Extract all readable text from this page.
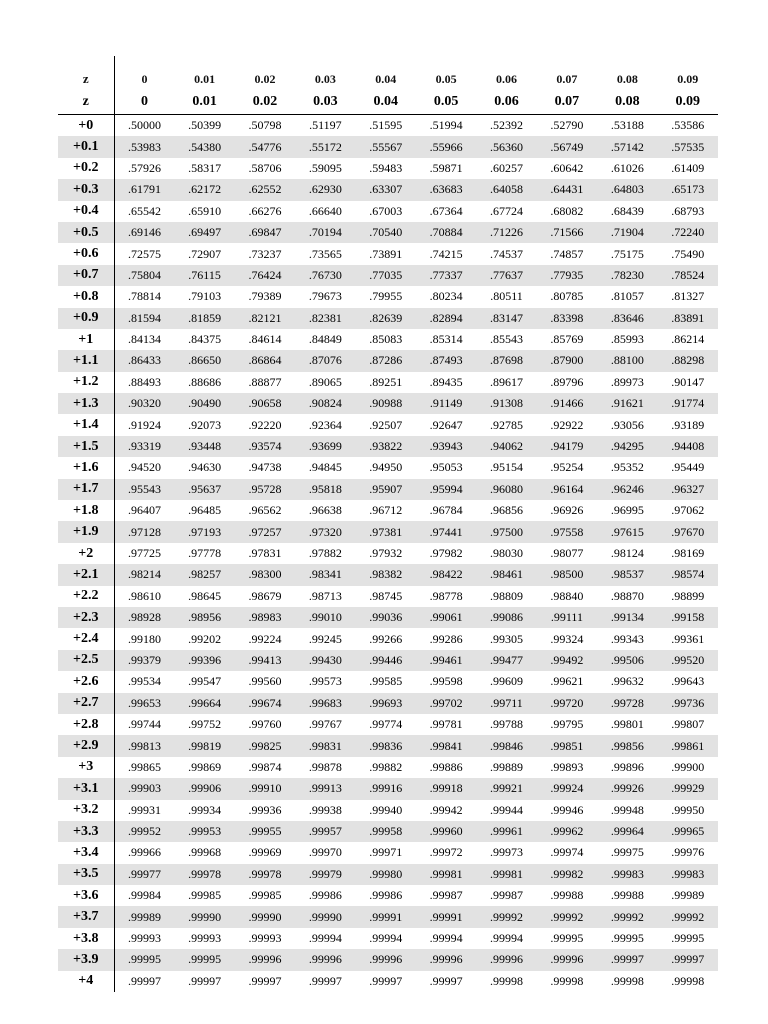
z	0	0.01	0.02	0.03	0.04	0.05	0.06	0.07	0.08	0.09
z	0	0.01	0.02	0.03	0.04	0.05	0.06	0.07	0.08	0.09
+0	.50000	.50399	.50798	.51197	.51595	.51994	.52392	.52790	.53188	.53586
+0.1	.53983	.54380	.54776	.55172	.55567	.55966	.56360	.56749	.57142	.57535
+0.2	.57926	.58317	.58706	.59095	.59483	.59871	.60257	.60642	.61026	.61409
+0.3	.61791	.62172	.62552	.62930	.63307	.63683	.64058	.64431	.64803	.65173
+0.4	.65542	.65910	.66276	.66640	.67003	.67364	.67724	.68082	.68439	.68793
+0.5	.69146	.69497	.69847	.70194	.70540	.70884	.71226	.71566	.71904	.72240
+0.6	.72575	.72907	.73237	.73565	.73891	.74215	.74537	.74857	.75175	.75490
+0.7	.75804	.76115	.76424	.76730	.77035	.77337	.77637	.77935	.78230	.78524
+0.8	.78814	.79103	.79389	.79673	.79955	.80234	.80511	.80785	.81057	.81327
+0.9	.81594	.81859	.82121	.82381	.82639	.82894	.83147	.83398	.83646	.83891
+1	.84134	.84375	.84614	.84849	.85083	.85314	.85543	.85769	.85993	.86214
+1.1	.86433	.86650	.86864	.87076	.87286	.87493	.87698	.87900	.88100	.88298
+1.2	.88493	.88686	.88877	.89065	.89251	.89435	.89617	.89796	.89973	.90147
+1.3	.90320	.90490	.90658	.90824	.90988	.91149	.91308	.91466	.91621	.91774
+1.4	.91924	.92073	.92220	.92364	.92507	.92647	.92785	.92922	.93056	.93189
+1.5	.93319	.93448	.93574	.93699	.93822	.93943	.94062	.94179	.94295	.94408
+1.6	.94520	.94630	.94738	.94845	.94950	.95053	.95154	.95254	.95352	.95449
+1.7	.95543	.95637	.95728	.95818	.95907	.95994	.96080	.96164	.96246	.96327
+1.8	.96407	.96485	.96562	.96638	.96712	.96784	.96856	.96926	.96995	.97062
+1.9	.97128	.97193	.97257	.97320	.97381	.97441	.97500	.97558	.97615	.97670
+2	.97725	.97778	.97831	.97882	.97932	.97982	.98030	.98077	.98124	.98169
+2.1	.98214	.98257	.98300	.98341	.98382	.98422	.98461	.98500	.98537	.98574
+2.2	.98610	.98645	.98679	.98713	.98745	.98778	.98809	.98840	.98870	.98899
+2.3	.98928	.98956	.98983	.99010	.99036	.99061	.99086	.99111	.99134	.99158
+2.4	.99180	.99202	.99224	.99245	.99266	.99286	.99305	.99324	.99343	.99361
+2.5	.99379	.99396	.99413	.99430	.99446	.99461	.99477	.99492	.99506	.99520
+2.6	.99534	.99547	.99560	.99573	.99585	.99598	.99609	.99621	.99632	.99643
+2.7	.99653	.99664	.99674	.99683	.99693	.99702	.99711	.99720	.99728	.99736
+2.8	.99744	.99752	.99760	.99767	.99774	.99781	.99788	.99795	.99801	.99807
+2.9	.99813	.99819	.99825	.99831	.99836	.99841	.99846	.99851	.99856	.99861
+3	.99865	.99869	.99874	.99878	.99882	.99886	.99889	.99893	.99896	.99900
+3.1	.99903	.99906	.99910	.99913	.99916	.99918	.99921	.99924	.99926	.99929
+3.2	.99931	.99934	.99936	.99938	.99940	.99942	.99944	.99946	.99948	.99950
+3.3	.99952	.99953	.99955	.99957	.99958	.99960	.99961	.99962	.99964	.99965
+3.4	.99966	.99968	.99969	.99970	.99971	.99972	.99973	.99974	.99975	.99976
+3.5	.99977	.99978	.99978	.99979	.99980	.99981	.99981	.99982	.99983	.99983
+3.6	.99984	.99985	.99985	.99986	.99986	.99987	.99987	.99988	.99988	.99989
+3.7	.99989	.99990	.99990	.99990	.99991	.99991	.99992	.99992	.99992	.99992
+3.8	.99993	.99993	.99993	.99994	.99994	.99994	.99994	.99995	.99995	.99995
+3.9	.99995	.99995	.99996	.99996	.99996	.99996	.99996	.99996	.99997	.99997
+4	.99997	.99997	.99997	.99997	.99997	.99997	.99998	.99998	.99998	.99998
